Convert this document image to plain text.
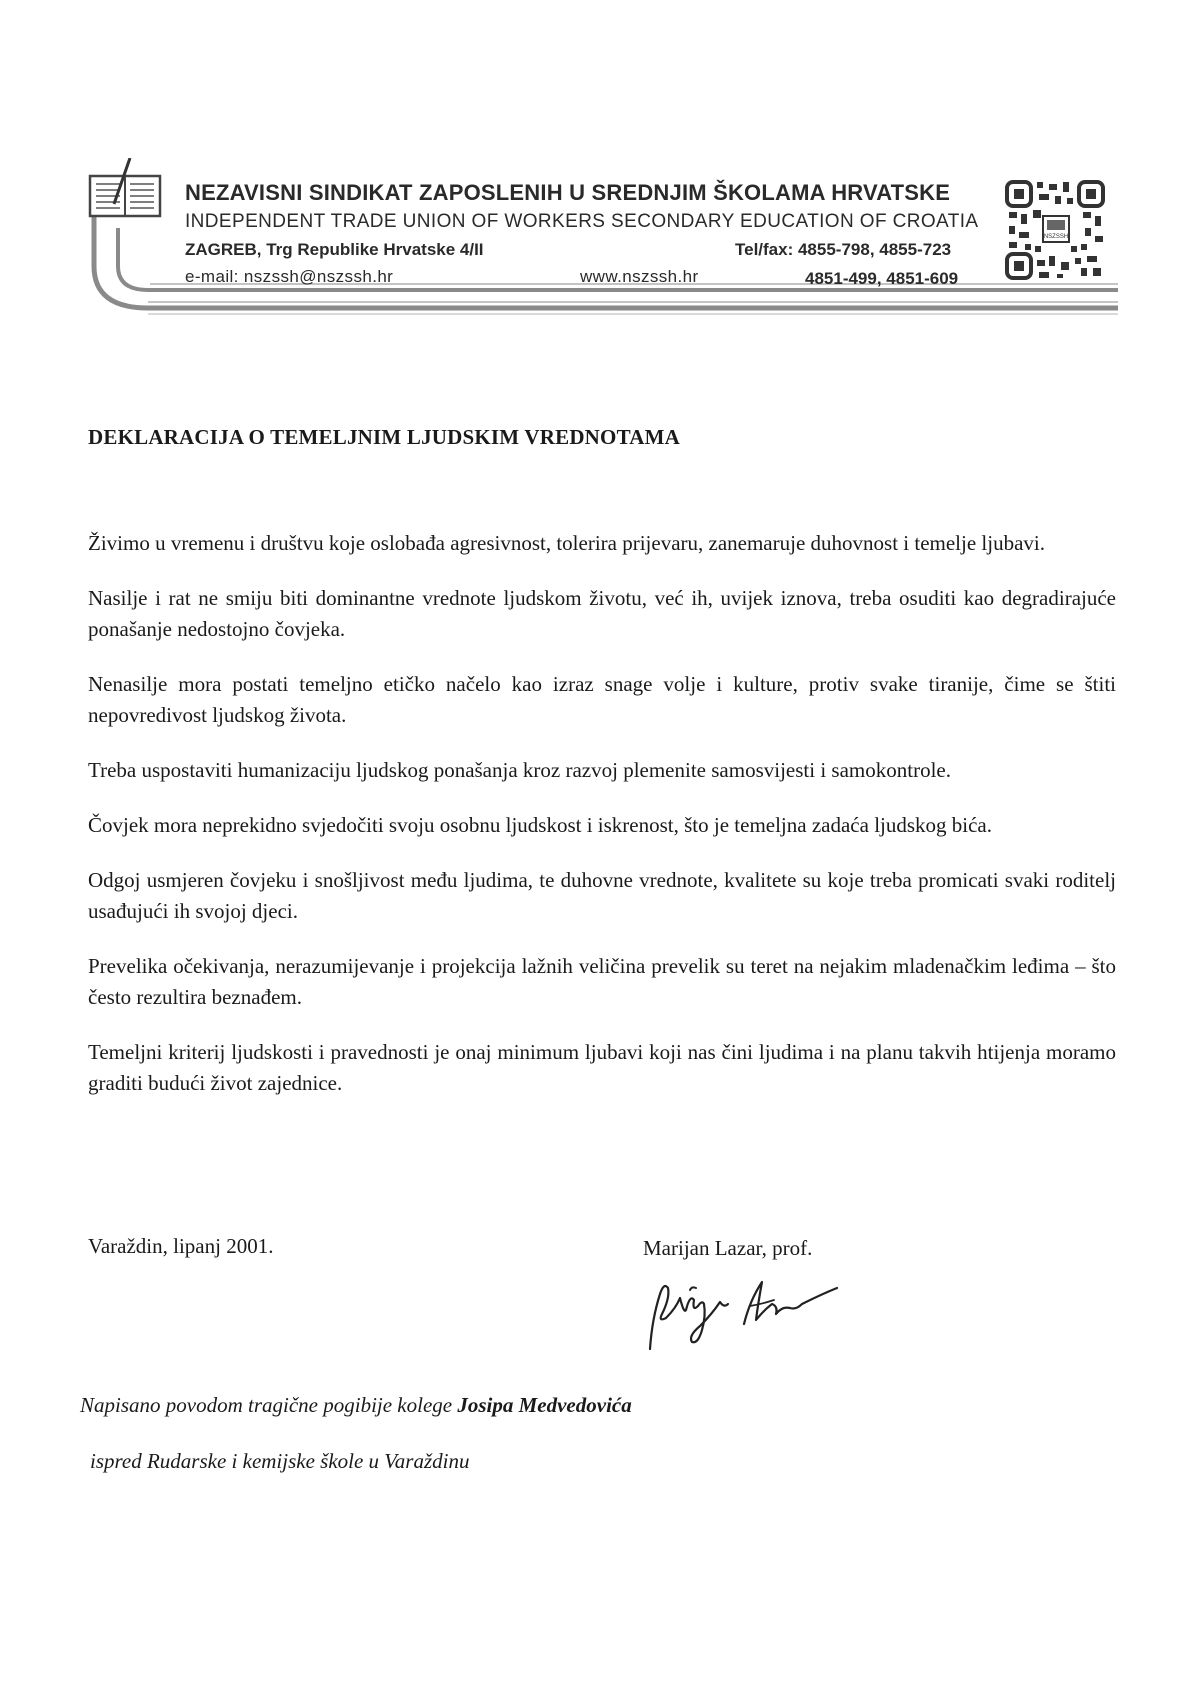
NEZAVISNI SINDIKAT ZAPOSLENIH U SREDNJIM ŠKOLAMA HRVATSKE
INDEPENDENT TRADE UNION OF WORKERS SECONDARY EDUCATION OF CROATIA
ZAGREB, Trg Republike Hrvatske 4/II	Tel/fax: 4855-798, 4855-723
e-mail: nszssh@nszssh.hr	www.nszssh.hr	4851-499, 4851-609
NSZSSH
DEKLARACIJA O TEMELJNIM LJUDSKIM VREDNOTAMA

Živimo u vremenu i društvu koje oslobađa agresivnost, tolerira prijevaru, zanemaruje duhovnost i temelje ljubavi.

Nasilje i rat ne smiju biti dominantne vrednote ljudskom životu, već ih, uvijek iznova, treba osuditi kao degradirajuće ponašanje nedostojno čovjeka.

Nenasilje mora postati temeljno etičko načelo kao izraz snage volje i kulture, protiv svake tiranije, čime se štiti nepovredivost ljudskog života.

Treba uspostaviti humanizaciju ljudskog ponašanja kroz razvoj plemenite samosvijesti i samokontrole.

Čovjek mora neprekidno svjedočiti svoju osobnu ljudskost i iskrenost, što je temeljna zadaća ljudskog bića.

Odgoj usmjeren čovjeku i snošljivost među ljudima, te duhovne vrednote, kvalitete su koje treba promicati svaki roditelj usađujući ih svojoj djeci.

Prevelika očekivanja, nerazumijevanje i projekcija lažnih veličina prevelik su teret na nejakim mladenačkim leđima – što često rezultira beznađem.

Temeljni kriterij ljudskosti i pravednosti je onaj minimum ljubavi koji nas čini ljudima i na planu takvih htijenja moramo graditi budući život zajednice.

Varaždin, lipanj 2001.	Marijan Lazar, prof.
Napisano povodom tragične pogibije kolege Josipa Medvedovića
ispred Rudarske i kemijske škole u Varaždinu
